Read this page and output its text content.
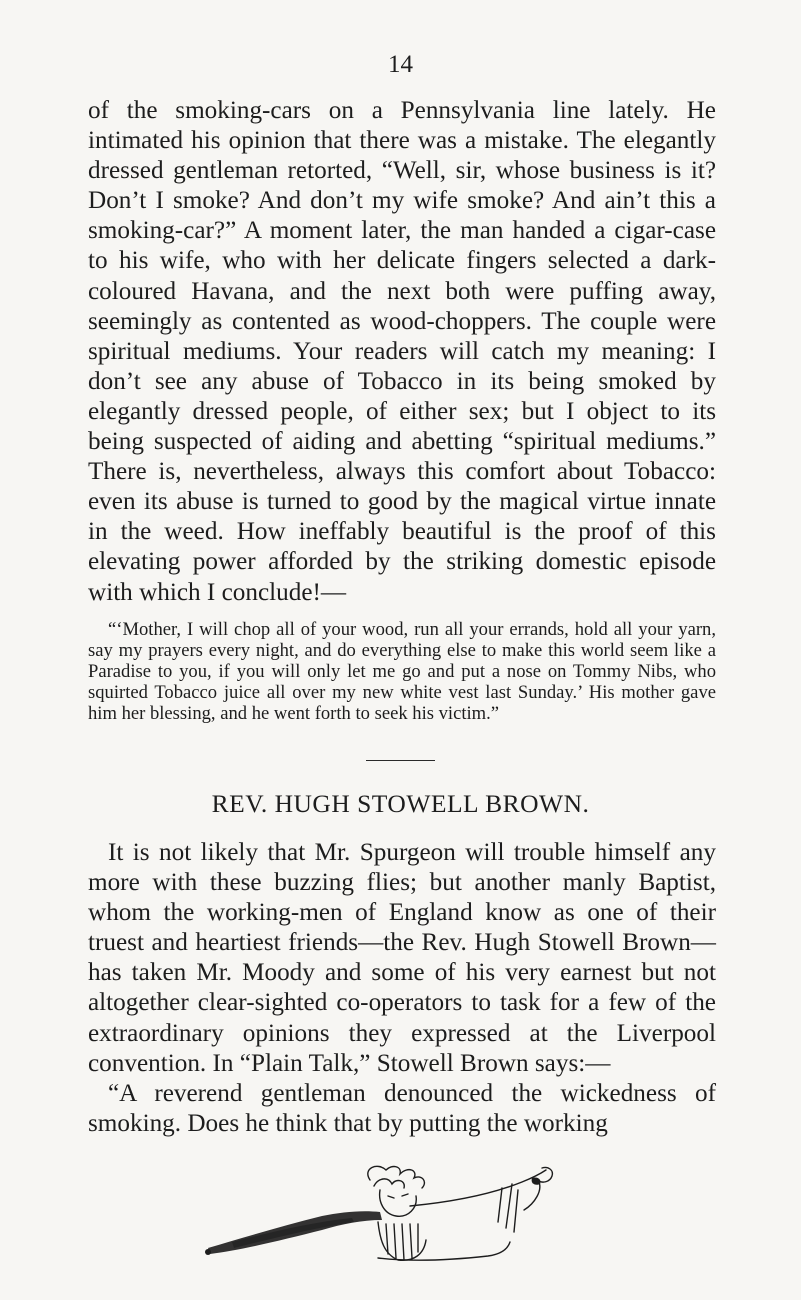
14

of the smoking-cars on a Pennsylvania line lately. He intimated his opinion that there was a mistake. The elegantly dressed gentleman retorted, “Well, sir, whose business is it? Don’t I smoke? And don’t my wife smoke? And ain’t this a smoking-car?” A moment later, the man handed a cigar-case to his wife, who with her delicate fingers selected a dark-coloured Havana, and the next both were puffing away, seemingly as contented as wood-choppers. The couple were spiritual mediums. Your readers will catch my meaning: I don’t see any abuse of Tobacco in its being smoked by elegantly dressed people, of either sex; but I object to its being suspected of aiding and abetting “spiritual mediums.” There is, nevertheless, always this comfort about Tobacco: even its abuse is turned to good by the magical virtue innate in the weed. How ineffably beautiful is the proof of this elevating power afforded by the striking domestic episode with which I conclude!—

“‘Mother, I will chop all of your wood, run all your errands, hold all your yarn, say my prayers every night, and do everything else to make this world seem like a Paradise to you, if you will only let me go and put a nose on Tommy Nibs, who squirted Tobacco juice all over my new white vest last Sunday.’ His mother gave him her blessing, and he went forth to seek his victim.”

REV. HUGH STOWELL BROWN.

It is not likely that Mr. Spurgeon will trouble himself any more with these buzzing flies; but another manly Baptist, whom the working-men of England know as one of their truest and heartiest friends—the Rev. Hugh Stowell Brown—has taken Mr. Moody and some of his very earnest but not altogether clear-sighted co-operators to task for a few of the extraordinary opinions they expressed at the Liverpool convention. In “Plain Talk,” Stowell Brown says:—

“A reverend gentleman denounced the wickedness of smoking. Does he think that by putting the working
